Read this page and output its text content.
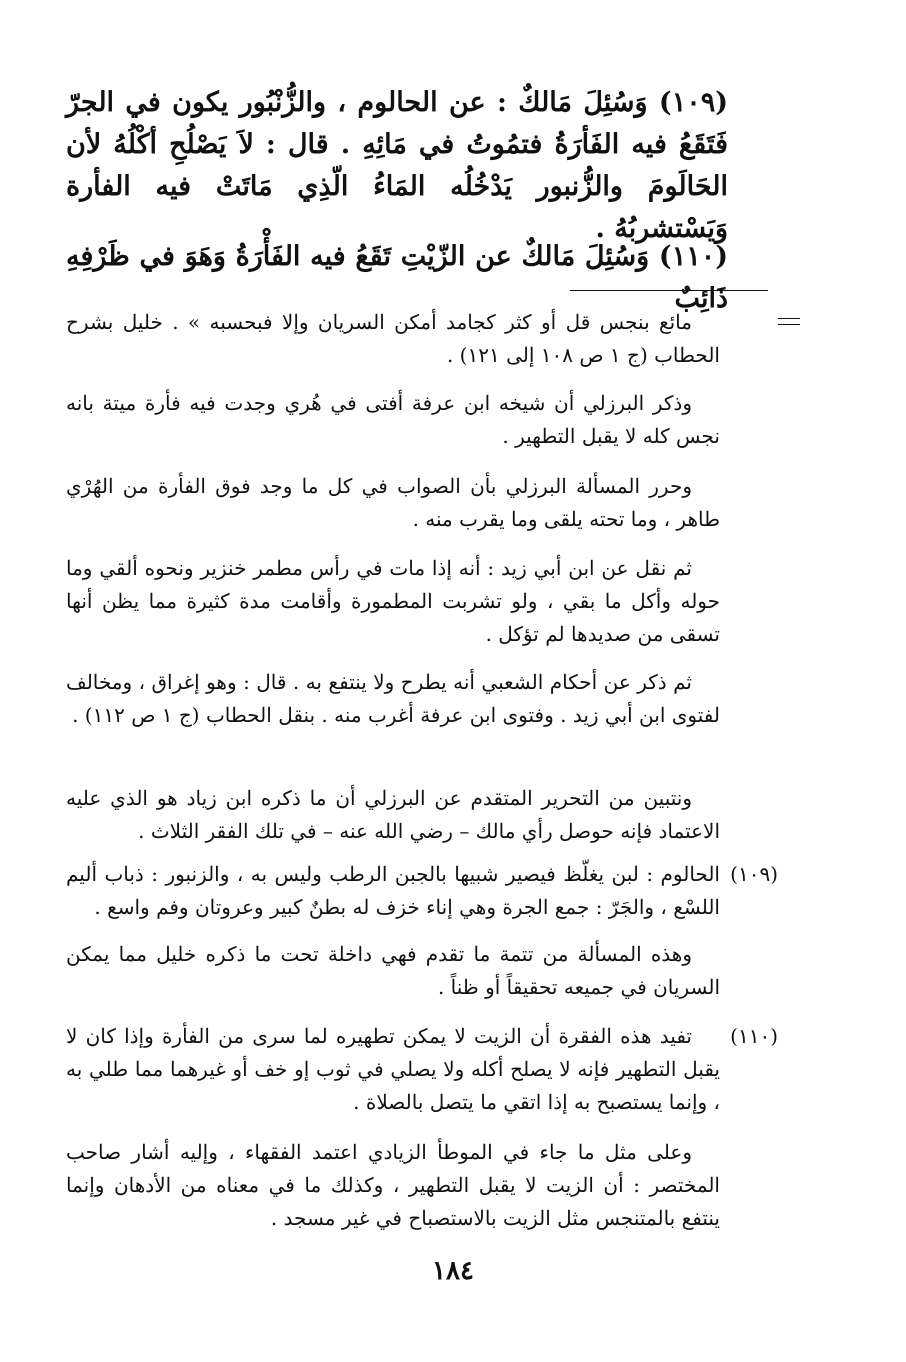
(١٠٩) وَسُئِلَ مَالكٌ : عن الحالوم ، والزُّنْبُور يكون في الجرّ فَتَقَعُ فيه الفَأرَةُ فتمُوتُ في مَائِهِ . قال : لاَ يَصْلُحِ أكْلُهُ لأن الحَالَومَ والزُّنبور يَدْخُلُه المَاءُ الّذِي مَاتَتْ فيه الفأرة وَيَسْتشربُهُ .

(١١٠) وَسُئِلَ مَالكٌ عن الزّيْتِ تَقَعُ فيه الفَأْرَةُ وَهَوَ في ظَرْفِهِ ذَائِبٌ

مائع بنجس قل أو كثر كجامد أمكن السريان وإلا فبحسبه » . خليل بشرح الحطاب (ج ١ ص ١٠٨ إلى ١٢١) .

وذكر البرزلي أن شيخه ابن عرفة أفتى في هُري وجدت فيه فأرة ميتة بانه نجس كله لا يقبل التطهير .

وحرر المسألة البرزلي بأن الصواب في كل ما وجد فوق الفأرة من الهُرْي طاهر ، وما تحته يلقى وما يقرب منه .

ثم نقل عن ابن أبي زيد : أنه إذا مات في رأس مطمر خنزير ونحوه ألقي وما حوله وأكل ما بقي ، ولو تشربت المطمورة وأقامت مدة كثيرة مما يظن أنها تسقى من صديدها لم تؤكل .

ثم ذكر عن أحكام الشعبي أنه يطرح ولا ينتفع به . قال : وهو إغراق ، ومخالف لفتوى ابن أبي زيد . وفتوى ابن عرفة أغرب منه . بنقل الحطاب (ج ١ ص ١١٢) .

ونتبين من التحرير المتقدم عن البرزلي أن ما ذكره ابن زياد هو الذي عليه الاعتماد فإنه حوصل رأي مالك – رضي الله عنه – في تلك الفقر الثلاث .

(١٠٩)

الحالوم : لبن يغلّظ فيصير شبيها بالجبن الرطب وليس به ، والزنبور : ذباب أليم اللسْع ، والجَرّ : جمع الجرة وهي إناء خزف له بطنٌ كبير وعروتان وفم واسع .

وهذه المسألة من تتمة ما تقدم فهي داخلة تحت ما ذكره خليل مما يمكن السريان في جميعه تحقيقاً أو ظناً .

(١١٠)

تفيد هذه الفقرة أن الزيت لا يمكن تطهيره لما سرى من الفأرة وإذا كان لا يقبل التطهير فإنه لا يصلح أكله ولا يصلي في ثوب إو خف أو غيرهما مما طلي به ، وإنما يستصبح به إذا اتقي ما يتصل بالصلاة .

وعلى مثل ما جاء في الموطأ الزيادي اعتمد الفقهاء ، وإليه أشار صاحب المختصر : أن الزيت لا يقبل التطهير ، وكذلك ما في معناه من الأدهان وإنما ينتفع بالمتنجس مثل الزيت بالاستصباح في غير مسجد .

١٨٤
